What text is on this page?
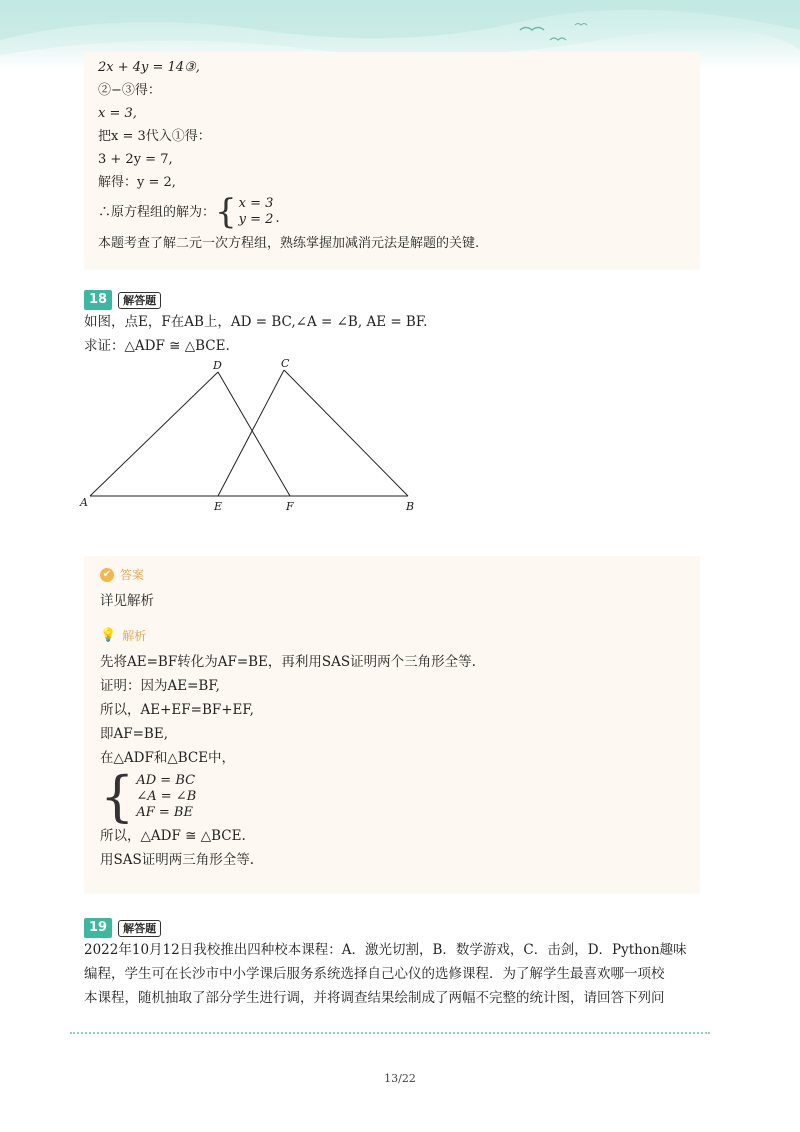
2x + 4y = 14③,
②−③得：
x = 3,
把x = 3代入①得：
3 + 2y = 7,
解得：y = 2,
∴原方程组的解为： { x = 3
y = 2 .
本题考查了解二元一次方程组，熟练掌握加减消元法是解题的关键.
18	解答题
如图，点E，F在AB上，AD = BC,∠A = ∠B, AE = BF.
求证：△ADF ≅ △BCE.
A
D	C
E	F	B
✔ 答案
详见解析
💡 解析
先将AE=BF转化为AF=BE，再利用SAS证明两个三角形全等.
证明：因为AE=BF,
所以，AE+EF=BF+EF,
即AF=BE,
在△ADF和△BCE中，
{ AD = BC
∠A = ∠B
AF = BE
所以，△ADF ≅ △BCE.
用SAS证明两三角形全等.
19	解答题
2022年10月12日我校推出四种校本课程：A．激光切割，B．数学游戏，C．击剑，D．Python趣味
编程，学生可在长沙市中小学课后服务系统选择自己心仪的选修课程．为了解学生最喜欢哪一项校
本课程，随机抽取了部分学生进行调，并将调查结果绘制成了两幅不完整的统计图，请回答下列问
13/22
